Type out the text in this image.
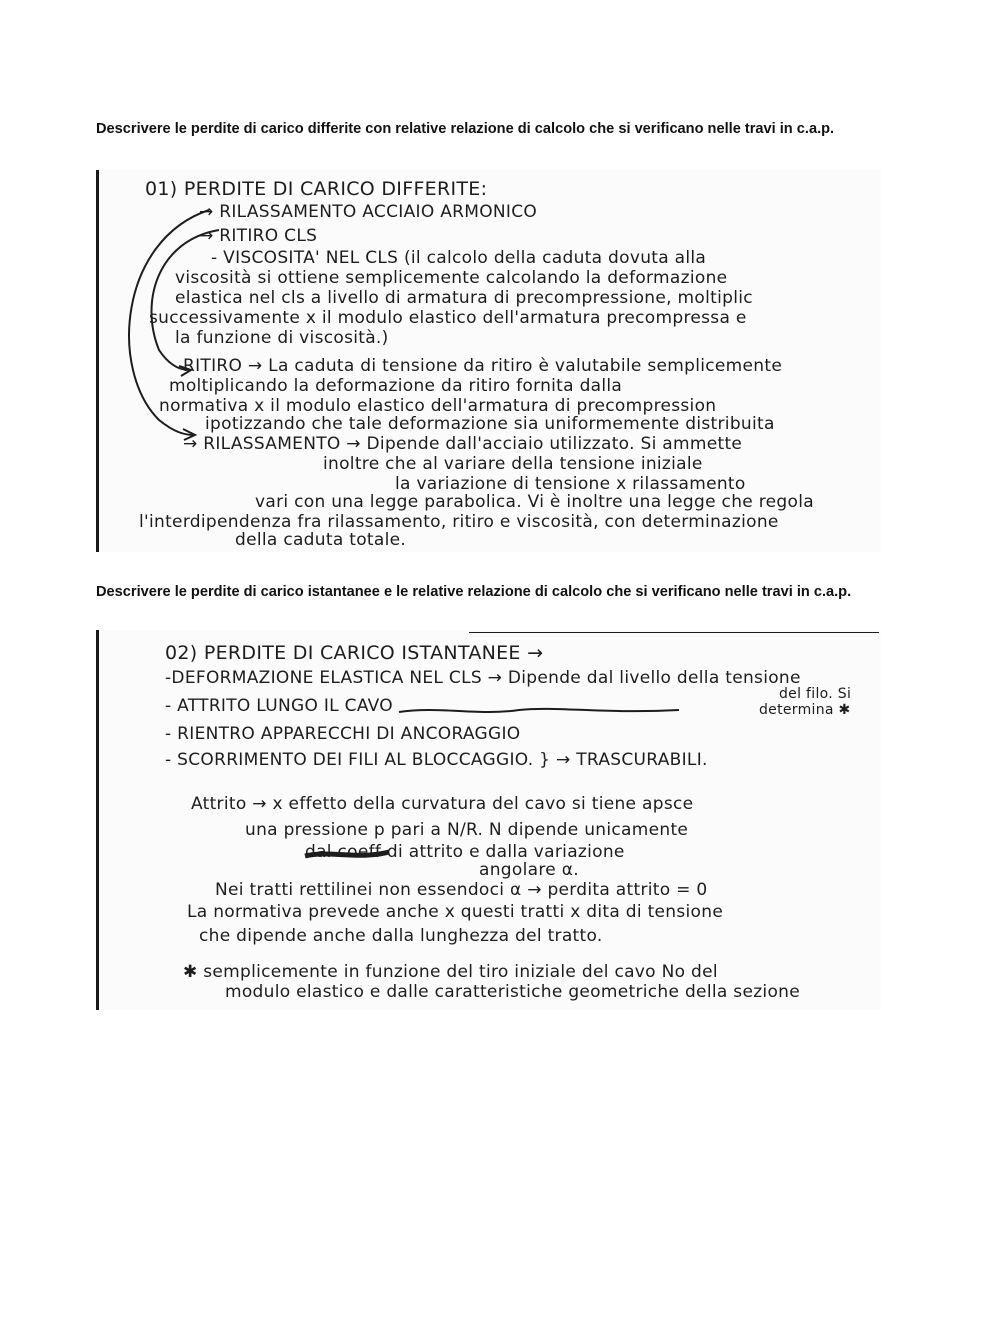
Descrivere le perdite di carico differite con relative relazione di calcolo che si verificano nelle travi in c.a.p.
01) PERDITE DI CARICO DIFFERITE:
→ RILASSAMENTO ACCIAIO ARMONICO
→ RITIRO CLS
- VISCOSITA' NEL CLS (il calcolo della caduta dovuta alla
viscosità si ottiene semplicemente calcolando la deformazione
elastica nel cls a livello di armatura di precompressione, moltiplic
successivamente x il modulo elastico dell'armatura precompressa e
la funzione di viscosità.)
RITIRO → La caduta di tensione da ritiro è valutabile semplicemente
moltiplicando la deformazione da ritiro fornita dalla
normativa x il modulo elastico dell'armatura di precompression
ipotizzando che tale deformazione sia uniformemente distribuita
→ RILASSAMENTO → Dipende dall'acciaio utilizzato. Si ammette
inoltre che al variare della tensione iniziale
la variazione di tensione x rilassamento
vari con una legge parabolica. Vi è inoltre una legge che regola
l'interdipendenza fra rilassamento, ritiro e viscosità, con determinazione
della caduta totale.
Descrivere le perdite di carico istantanee e le relative relazione di calcolo che si verificano nelle travi in c.a.p.
02) PERDITE DI CARICO ISTANTANEE →
-DEFORMAZIONE ELASTICA NEL CLS → Dipende dal livello della tensione
del filo. Si
determina ✱
- ATTRITO LUNGO IL CAVO
- RIENTRO APPARECCHI DI ANCORAGGIO
- SCORRIMENTO DEI FILI AL BLOCCAGGIO. } → TRASCURABILI.
Attrito → x effetto della curvatura del cavo si tiene apsce
una pressione p pari a N/R. N dipende unicamente
dal coeff di attrito e dalla variazione
angolare α.
Nei tratti rettilinei non essendoci α → perdita attrito = 0
La normativa prevede anche x questi tratti x dita di tensione
che dipende anche dalla lunghezza del tratto.
✱ semplicemente in funzione del tiro iniziale del cavo No del
modulo elastico e dalle caratteristiche geometriche della sezione
